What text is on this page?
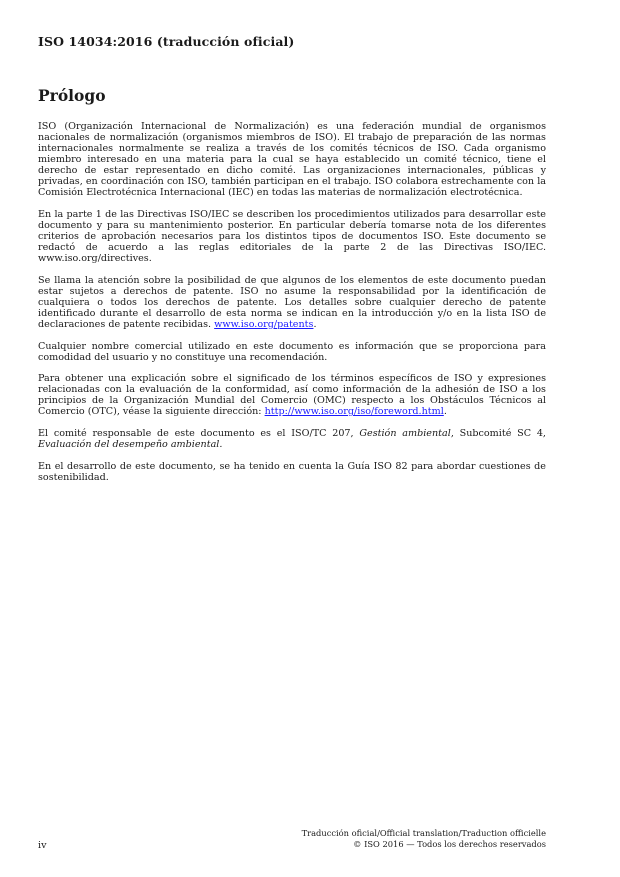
ISO 14034:2016 (traducción oficial)
Prólogo

ISO (Organización Internacional de Normalización) es una federación mundial de organismos nacionales de normalización (organismos miembros de ISO). El trabajo de preparación de las normas internacionales normalmente se realiza a través de los comités técnicos de ISO. Cada organismo miembro interesado en una materia para la cual se haya establecido un comité técnico, tiene el derecho de estar representado en dicho comité. Las organizaciones internacionales, públicas y privadas, en coordinación con ISO, también participan en el trabajo. ISO colabora estrechamente con la Comisión Electrotécnica Internacional (IEC) en todas las materias de normalización electrotécnica.

En la parte 1 de las Directivas ISO/IEC se describen los procedimientos utilizados para desarrollar este documento y para su mantenimiento posterior. En particular debería tomarse nota de los diferentes criterios de aprobación necesarios para los distintos tipos de documentos ISO. Este documento se redactó de acuerdo a las reglas editoriales de la parte 2 de las Directivas ISO/IEC. www.iso.org/directives.

Se llama la atención sobre la posibilidad de que algunos de los elementos de este documento puedan estar sujetos a derechos de patente. ISO no asume la responsabilidad por la identificación de cualquiera o todos los derechos de patente. Los detalles sobre cualquier derecho de patente identificado durante el desarrollo de esta norma se indican en la introducción y/o en la lista ISO de declaraciones de patente recibidas. www.iso.org/patents.

Cualquier nombre comercial utilizado en este documento es información que se proporciona para comodidad del usuario y no constituye una recomendación.

Para obtener una explicación sobre el significado de los términos específicos de ISO y expresiones relacionadas con la evaluación de la conformidad, así como información de la adhesión de ISO a los principios de la Organización Mundial del Comercio (OMC) respecto a los Obstáculos Técnicos al Comercio (OTC), véase la siguiente dirección: http://www.iso.org/iso/foreword.html.

El comité responsable de este documento es el ISO/TC 207, Gestión ambiental, Subcomité SC 4, Evaluación del desempeño ambiental.

En el desarrollo de este documento, se ha tenido en cuenta la Guía ISO 82 para abordar cuestiones de sostenibilidad.

iv
Traducción oficial/Official translation/Traduction officielle
© ISO 2016 — Todos los derechos reservados
